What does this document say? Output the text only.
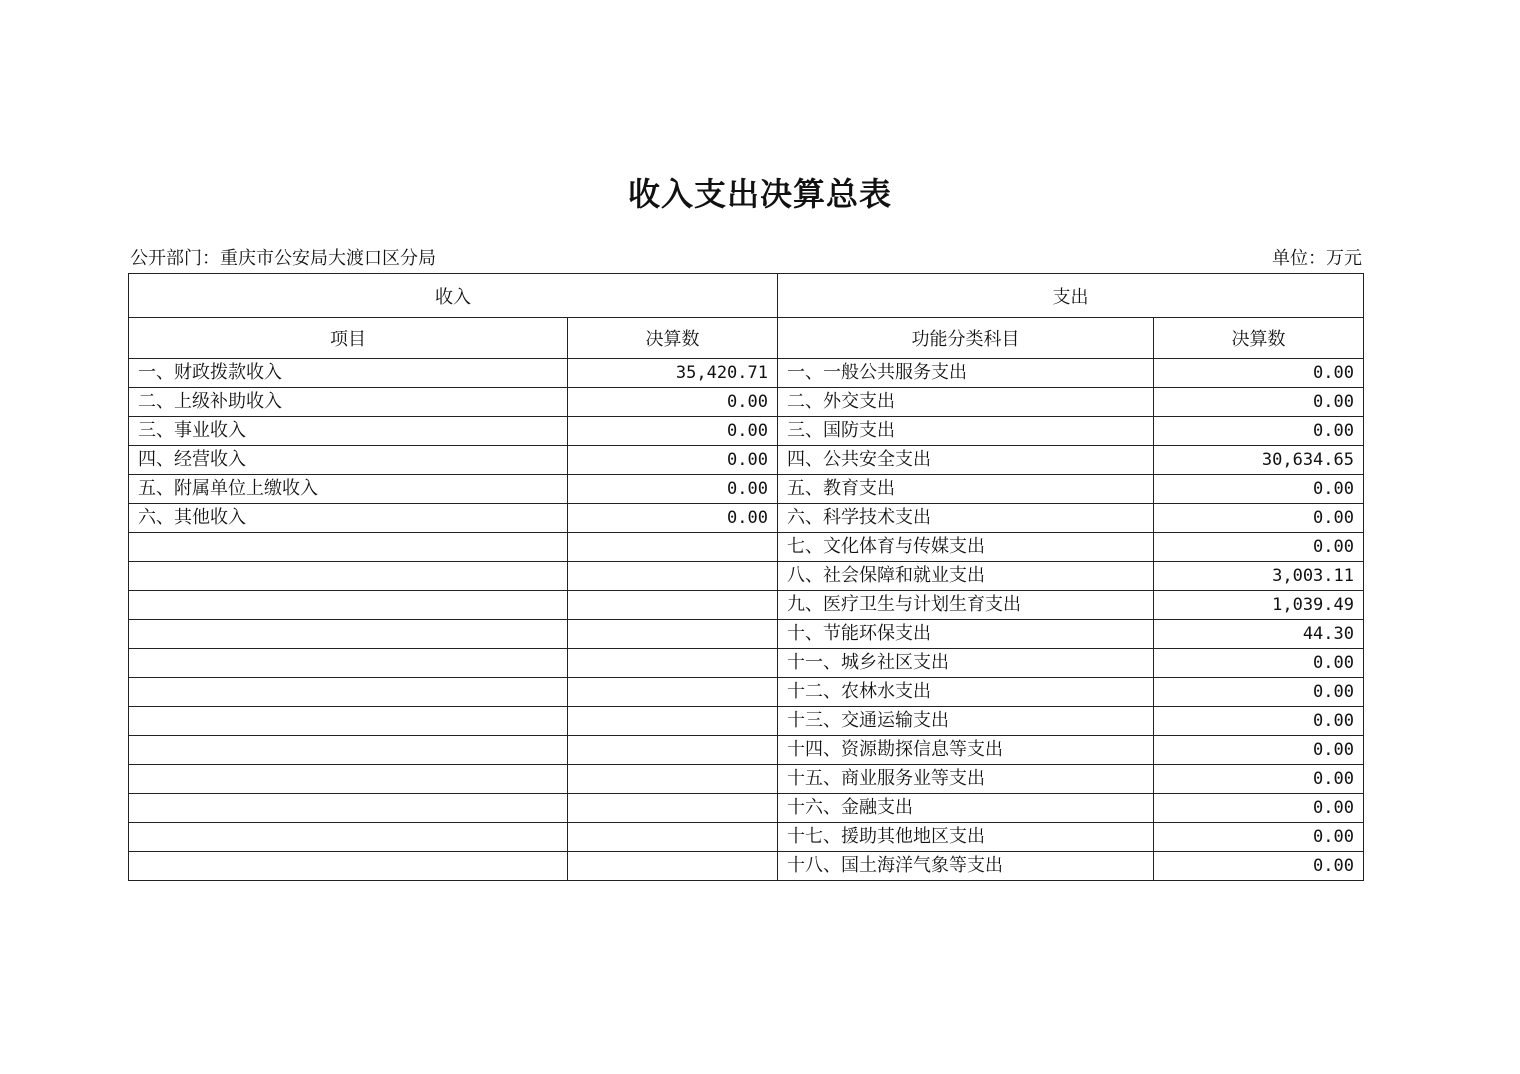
收入支出决算总表
公开部门：重庆市公安局大渡口区分局	单位：万元
收入		支出	
项目	决算数	功能分类科目	决算数
一、财政拨款收入	35,420.71	一、一般公共服务支出	0.00
二、上级补助收入	0.00	二、外交支出	0.00
三、事业收入	0.00	三、国防支出	0.00
四、经营收入	0.00	四、公共安全支出	30,634.65
五、附属单位上缴收入	0.00	五、教育支出	0.00
六、其他收入	0.00	六、科学技术支出	0.00
		七、文化体育与传媒支出	0.00
		八、社会保障和就业支出	3,003.11
		九、医疗卫生与计划生育支出	1,039.49
		十、节能环保支出	44.30
		十一、城乡社区支出	0.00
		十二、农林水支出	0.00
		十三、交通运输支出	0.00
		十四、资源勘探信息等支出	0.00
		十五、商业服务业等支出	0.00
		十六、金融支出	0.00
		十七、援助其他地区支出	0.00
		十八、国土海洋气象等支出	0.00
